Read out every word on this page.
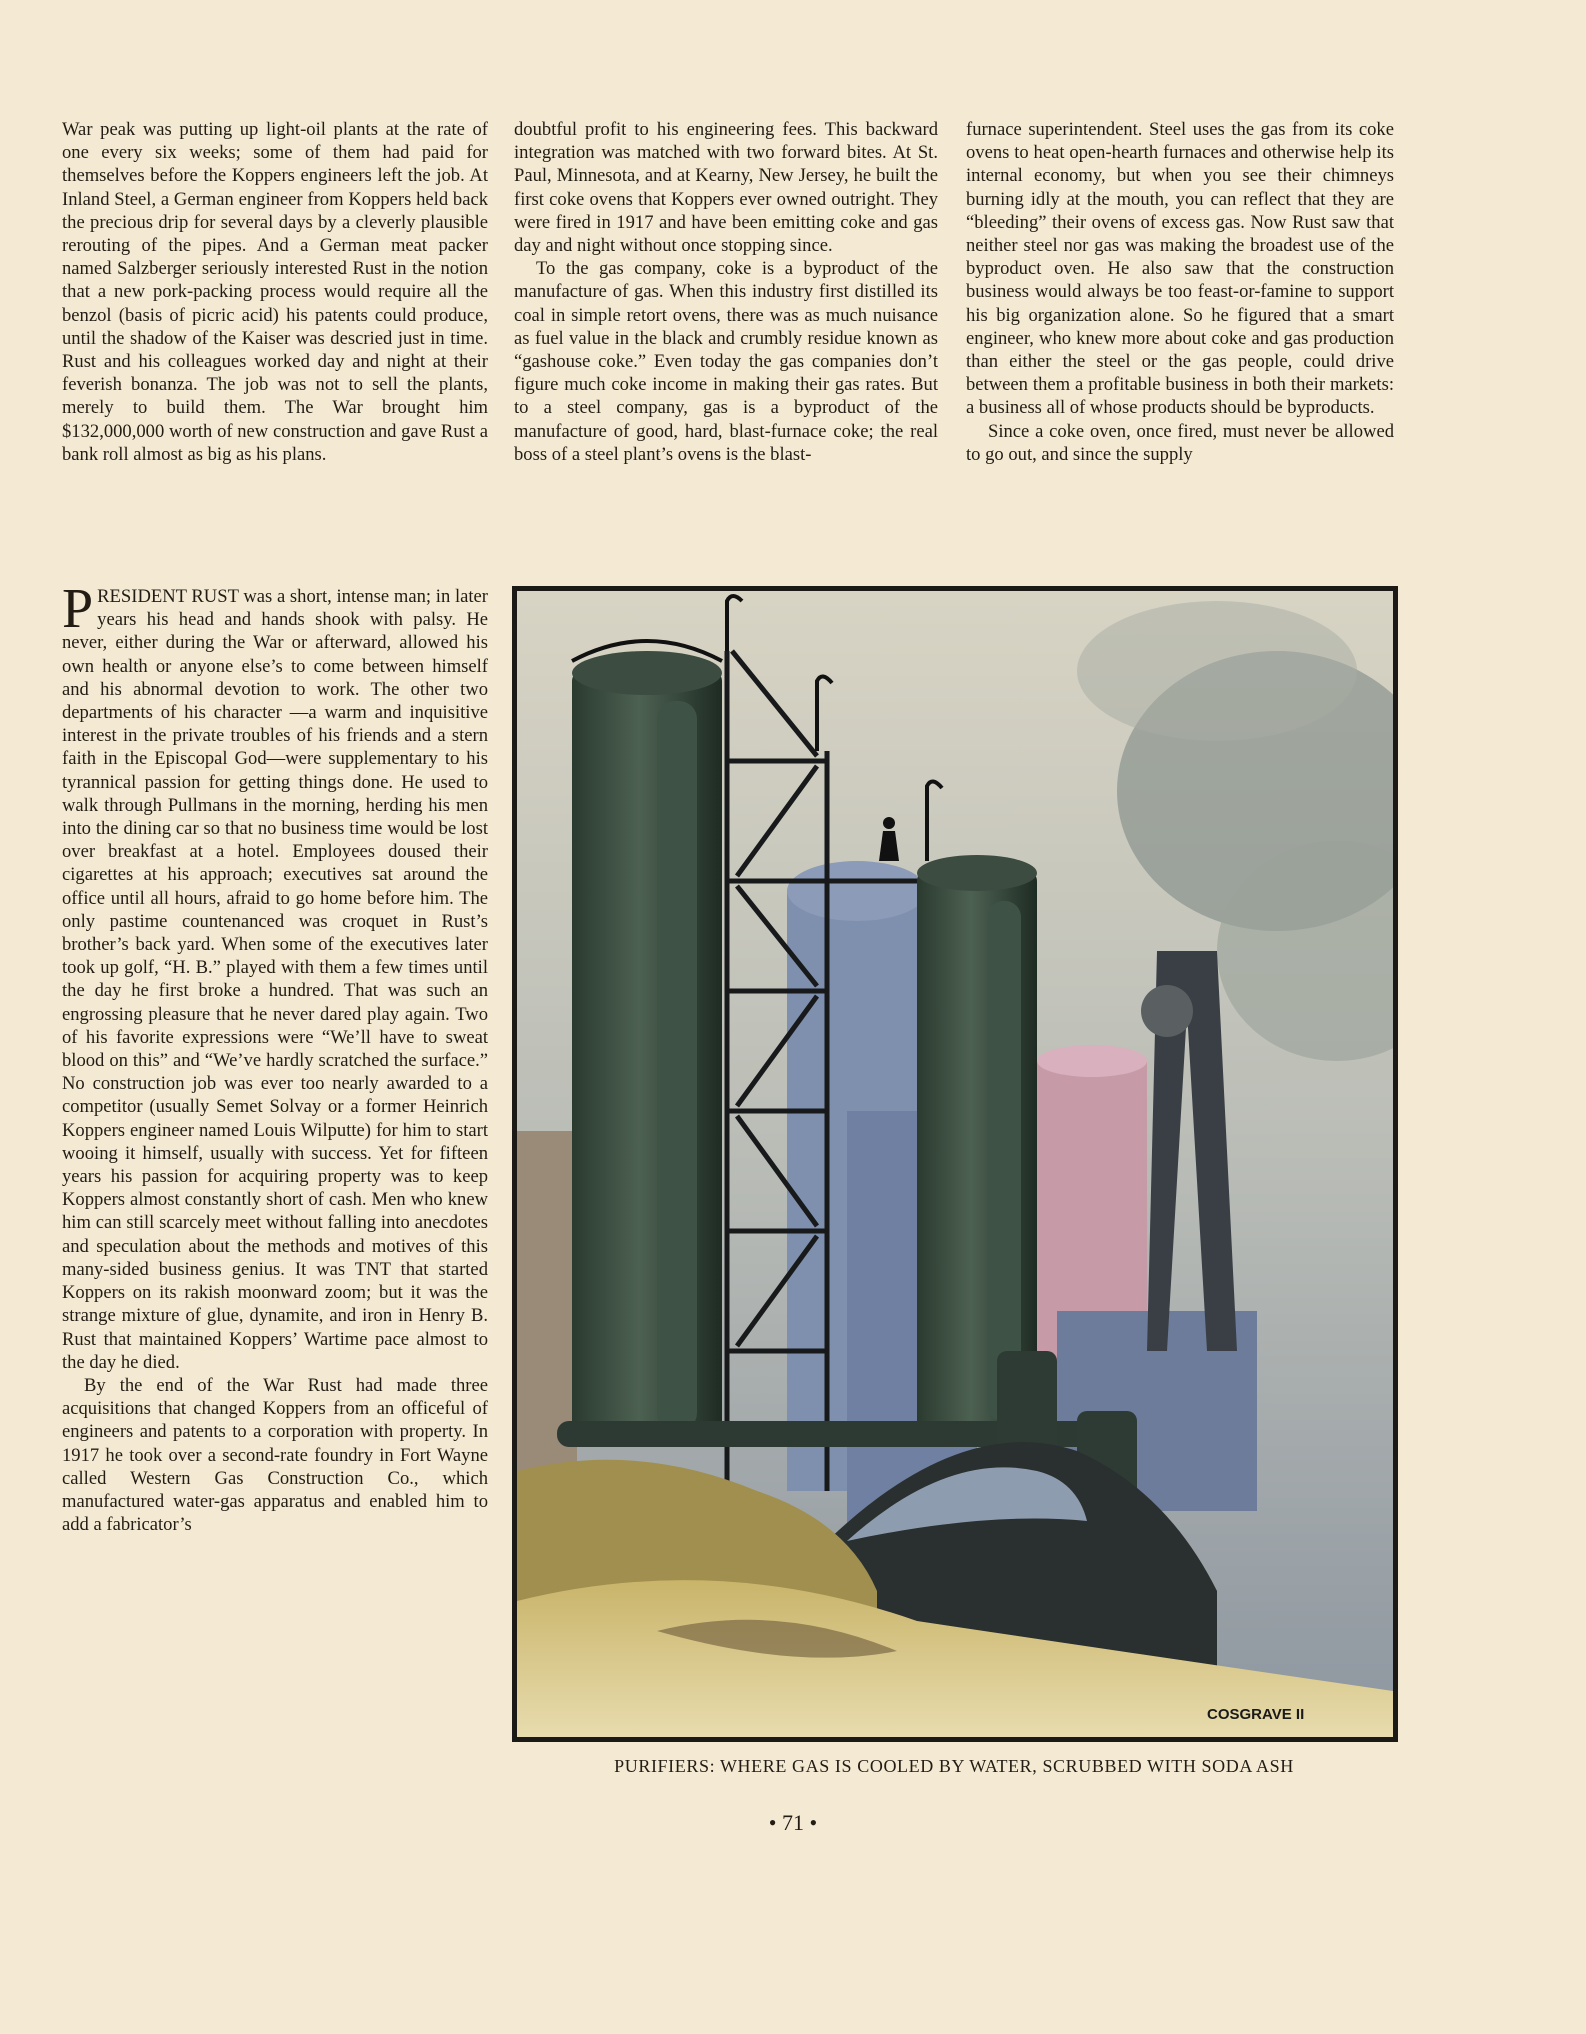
War peak was putting up light-oil plants at the rate of one every six weeks; some of them had paid for themselves before the Koppers engineers left the job. At Inland Steel, a German engineer from Koppers held back the precious drip for several days by a cleverly plausible rerouting of the pipes. And a German meat packer named Salzberger seriously interested Rust in the notion that a new pork-packing process would require all the benzol (basis of picric acid) his patents could produce, until the shadow of the Kaiser was descried just in time. Rust and his colleagues worked day and night at their feverish bonanza. The job was not to sell the plants, merely to build them. The War brought him $132,000,000 worth of new construction and gave Rust a bank roll almost as big as his plans.

doubtful profit to his engineering fees. This backward integration was matched with two forward bites. At St. Paul, Minnesota, and at Kearny, New Jersey, he built the first coke ovens that Koppers ever owned outright. They were fired in 1917 and have been emitting coke and gas day and night without once stopping since.

To the gas company, coke is a byproduct of the manufacture of gas. When this industry first distilled its coal in simple retort ovens, there was as much nuisance as fuel value in the black and crumbly residue known as “gashouse coke.” Even today the gas companies don’t figure much coke income in making their gas rates. But to a steel company, gas is a byproduct of the manufacture of good, hard, blast-furnace coke; the real boss of a steel plant’s ovens is the blast-

furnace superintendent. Steel uses the gas from its coke ovens to heat open-hearth furnaces and otherwise help its internal economy, but when you see their chimneys burning idly at the mouth, you can reflect that they are “bleeding” their ovens of excess gas. Now Rust saw that neither steel nor gas was making the broadest use of the byproduct oven. He also saw that the construction business would always be too feast-or-famine to support his big organization alone. So he figured that a smart engineer, who knew more about coke and gas production than either the steel or the gas people, could drive between them a profitable business in both their markets: a business all of whose products should be byproducts.

Since a coke oven, once fired, must never be allowed to go out, and since the supply

PRESIDENT RUST was a short, intense man; in later years his head and hands shook with palsy. He never, either during the War or afterward, allowed his own health or anyone else’s to come between himself and his abnormal devotion to work. The other two departments of his character —a warm and inquisitive interest in the private troubles of his friends and a stern faith in the Episcopal God—were supplementary to his tyrannical passion for getting things done. He used to walk through Pullmans in the morning, herding his men into the dining car so that no business time would be lost over breakfast at a hotel. Employees doused their cigarettes at his approach; executives sat around the office until all hours, afraid to go home before him. The only pastime countenanced was croquet in Rust’s brother’s back yard. When some of the executives later took up golf, “H. B.” played with them a few times until the day he first broke a hundred. That was such an engrossing pleasure that he never dared play again. Two of his favorite expressions were “We’ll have to sweat blood on this” and “We’ve hardly scratched the surface.” No construction job was ever too nearly awarded to a competitor (usually Semet Solvay or a former Heinrich Koppers engineer named Louis Wilputte) for him to start wooing it himself, usually with success. Yet for fifteen years his passion for acquiring property was to keep Koppers almost constantly short of cash. Men who knew him can still scarcely meet without falling into anecdotes and speculation about the methods and motives of this many-sided business genius. It was TNT that started Koppers on its rakish moonward zoom; but it was the strange mixture of glue, dynamite, and iron in Henry B. Rust that maintained Koppers’ Wartime pace almost to the day he died.

By the end of the War Rust had made three acquisitions that changed Koppers from an officeful of engineers and patents to a corporation with property. In 1917 he took over a second-rate foundry in Fort Wayne called Western Gas Construction Co., which manufactured water-gas apparatus and enabled him to add a fabricator’s

COSGRAVE II
PURIFIERS: WHERE GAS IS COOLED BY WATER, SCRUBBED WITH SODA ASH
• 71 •
